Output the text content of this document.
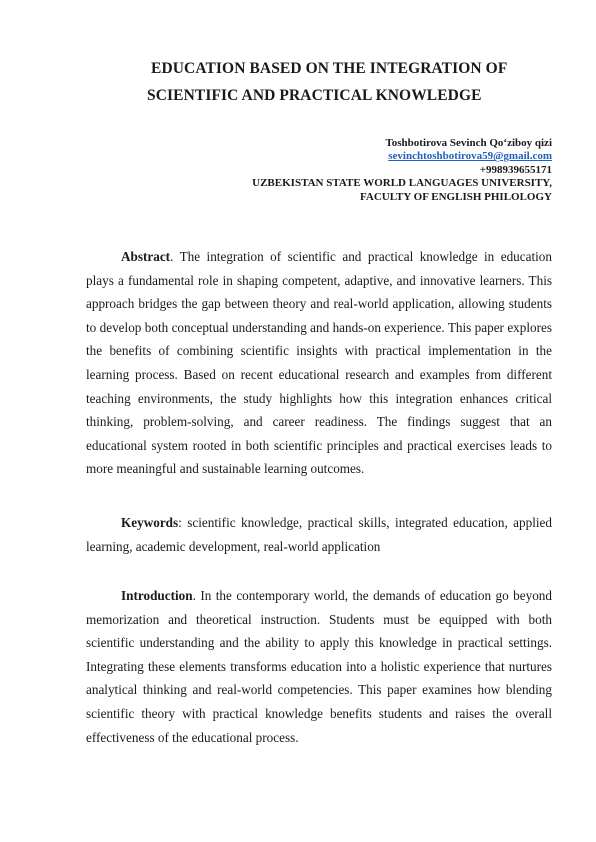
EDUCATION BASED ON THE INTEGRATION OF
SCIENTIFIC AND PRACTICAL KNOWLEDGE
Toshbotirova Sevinch Qo‘ziboy qizi
sevinchtoshbotirova59@gmail.com
+998939655171
UZBEKISTAN STATE WORLD LANGUAGES UNIVERSITY,
FACULTY OF ENGLISH PHILOLOGY
Abstract. The integration of scientific and practical knowledge in education plays a fundamental role in shaping competent, adaptive, and innovative learners. This approach bridges the gap between theory and real-world application, allowing students to develop both conceptual understanding and hands-on experience. This paper explores the benefits of combining scientific insights with practical implementation in the learning process. Based on recent educational research and examples from different teaching environments, the study highlights how this integration enhances critical thinking, problem-solving, and career readiness. The findings suggest that an educational system rooted in both scientific principles and practical exercises leads to more meaningful and sustainable learning outcomes.
Keywords: scientific knowledge, practical skills, integrated education, applied learning, academic development, real-world application
Introduction. In the contemporary world, the demands of education go beyond memorization and theoretical instruction. Students must be equipped with both scientific understanding and the ability to apply this knowledge in practical settings. Integrating these elements transforms education into a holistic experience that nurtures analytical thinking and real-world competencies. This paper examines how blending scientific theory with practical knowledge benefits students and raises the overall effectiveness of the educational process.
